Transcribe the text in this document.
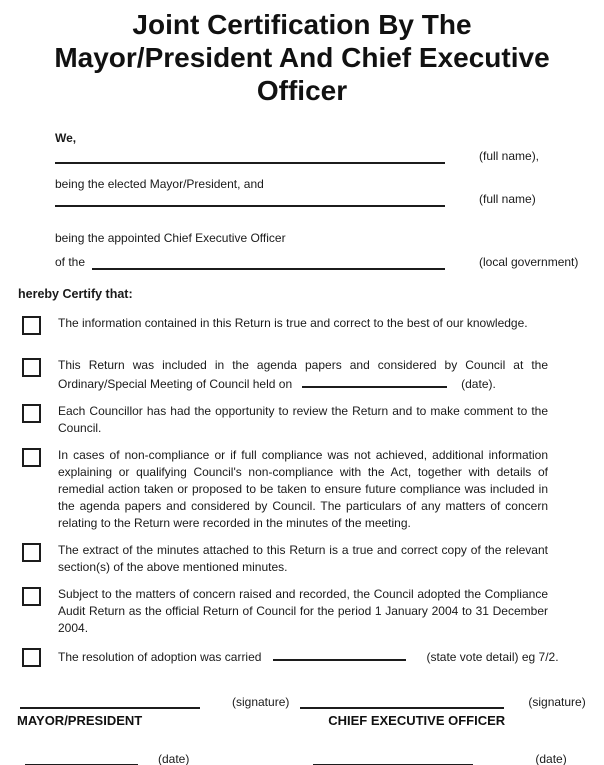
Joint Certification By The Mayor/President And Chief Executive Officer

We,

(full name),

being the elected Mayor/President, and

(full name)

being the appointed Chief Executive Officer

of the	(local government)

hereby Certify that:

The information contained in this Return is true and correct to the best of our knowledge.
This Return was included in the agenda papers and considered by Council at the Ordinary/Special Meeting of Council held on	(date).
Each Councillor has had the opportunity to review the Return and to make comment to the Council.
In cases of non-compliance or if full compliance was not achieved, additional information explaining or qualifying Council's non-compliance with the Act, together with details of remedial action taken or proposed to be taken to ensure future compliance was included in the agenda papers and considered by Council. The particulars of any matters of concern relating to the Return were recorded in the minutes of the meeting.
The extract of the minutes attached to this Return is a true and correct copy of the relevant section(s) of the above mentioned minutes.
Subject to the matters of concern raised and recorded, the Council adopted the Compliance Audit Return as the official Return of Council for the period 1 January 2004 to 31 December 2004.
The resolution of adoption was carried	(state vote detail) eg 7/2.
(signature)	(signature)
MAYOR/PRESIDENT	CHIEF EXECUTIVE OFFICER
(date)	(date)
